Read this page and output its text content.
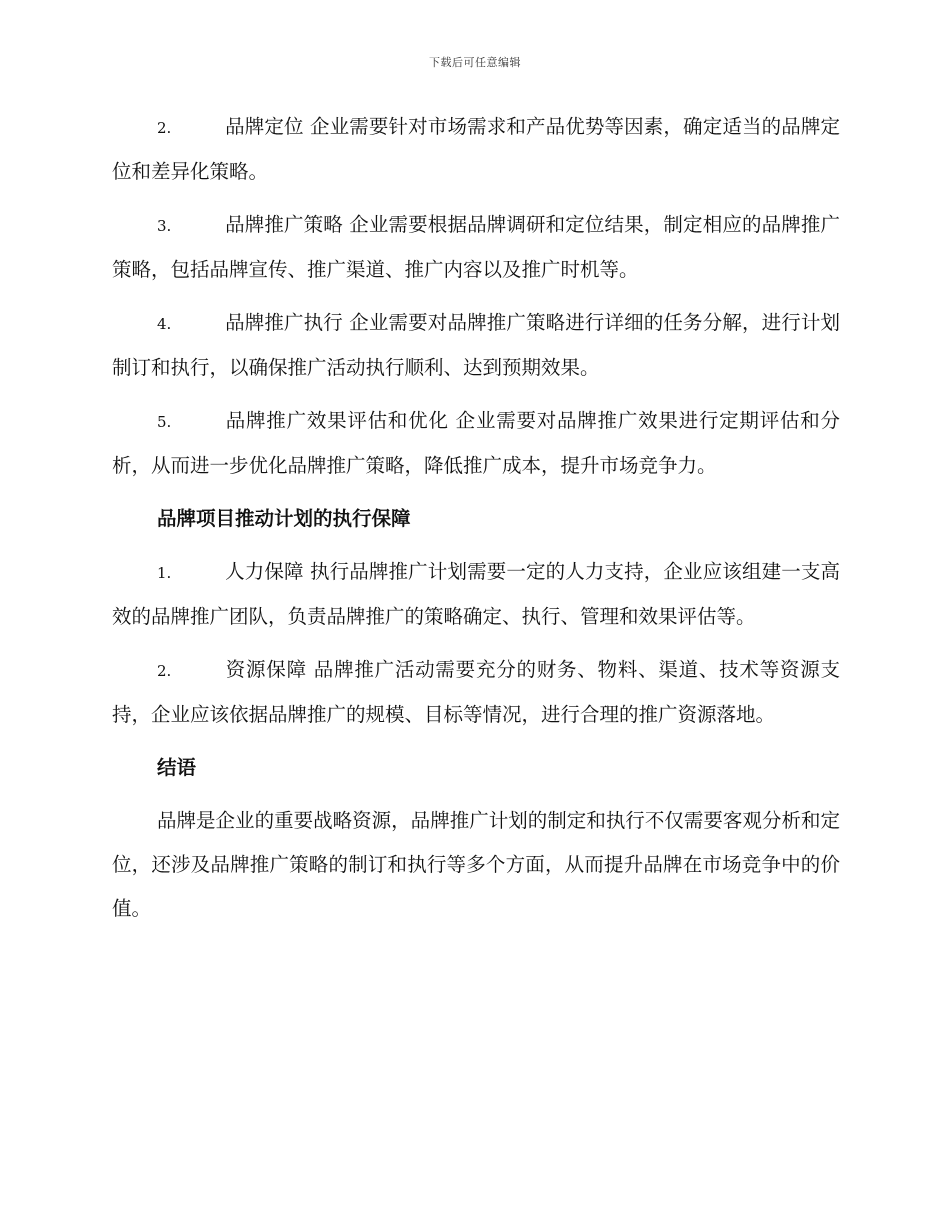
下载后可任意编辑

2.	品牌定位 企业需要针对市场需求和产品优势等因素，确定适当的品牌定位和差异化策略。

3.	品牌推广策略 企业需要根据品牌调研和定位结果，制定相应的品牌推广策略，包括品牌宣传、推广渠道、推广内容以及推广时机等。

4.	品牌推广执行 企业需要对品牌推广策略进行详细的任务分解，进行计划制订和执行，以确保推广活动执行顺利、达到预期效果。

5.	品牌推广效果评估和优化 企业需要对品牌推广效果进行定期评估和分析，从而进一步优化品牌推广策略，降低推广成本，提升市场竞争力。

品牌项目推动计划的执行保障

1.	人力保障 执行品牌推广计划需要一定的人力支持，企业应该组建一支高效的品牌推广团队，负责品牌推广的策略确定、执行、管理和效果评估等。

2.	资源保障 品牌推广活动需要充分的财务、物料、渠道、技术等资源支持，企业应该依据品牌推广的规模、目标等情况，进行合理的推广资源落地。

结语

品牌是企业的重要战略资源，品牌推广计划的制定和执行不仅需要客观分析和定位，还涉及品牌推广策略的制订和执行等多个方面，从而提升品牌在市场竞争中的价值。
